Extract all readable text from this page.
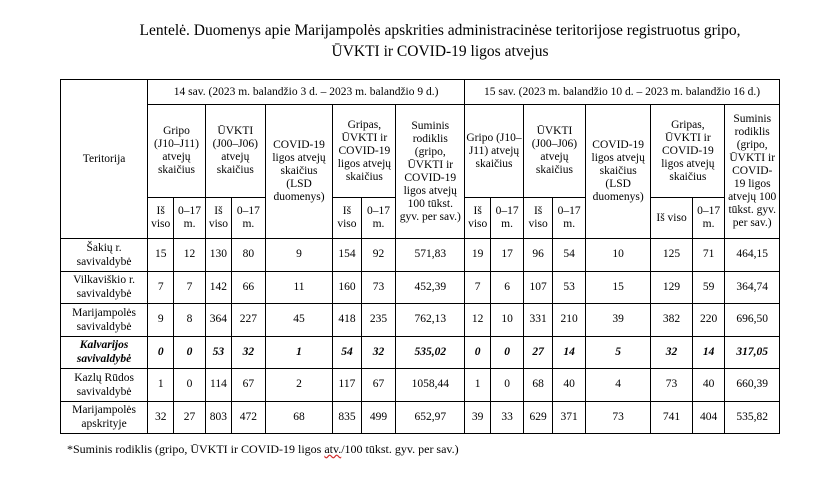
Lentelė. Duomenys apie Marijampolės apskrities administracinėse teritorijose registruotus gripo,
ŪVKTI ir COVID-19 ligos atvejus
Teritorija	14 sav. (2023 m. balandžio 3 d. – 2023 m. balandžio 9 d.)								15 sav. (2023 m. balandžio 10 d. – 2023 m. balandžio 16 d.)							
	Gripo (J10–J11) atvejų skaičius		ŪVKTI (J00–J06) atvejų skaičius		COVID-19 ligos atvejų skaičius (LSD duomenys)	Gripas, ŪVKTI ir COVID-19 ligos atvejų skaičius		Suminis rodiklis (gripo, ŪVKTI ir COVID-19 ligos atvejų 100 tūkst. gyv. per sav.)	Gripo (J10–J11) atvejų skaičius		ŪVKTI (J00–J06) atvejų skaičius		COVID-19 ligos atvejų skaičius (LSD duomenys)	Gripas, ŪVKTI ir COVID-19 ligos atvejų skaičius		Suminis rodiklis (gripo, ŪVKTI ir COVID-19 ligos atvejų 100 tūkst. gyv. per sav.)
	Iš viso	0–17 m.	Iš viso	0–17 m.		Iš viso	0–17 m.		Iš viso	0–17 m.	Iš viso	0–17 m.		Iš viso	0–17 m.	
Šakių r. savivaldybė	15	12	130	80	9	154	92	571,83	19	17	96	54	10	125	71	464,15
Vilkaviškio r. savivaldybė	7	7	142	66	11	160	73	452,39	7	6	107	53	15	129	59	364,74
Marijampolės savivaldybė	9	8	364	227	45	418	235	762,13	12	10	331	210	39	382	220	696,50
Kalvarijos savivaldybė	0	0	53	32	1	54	32	535,02	0	0	27	14	5	32	14	317,05
Kazlų Rūdos savivaldybė	1	0	114	67	2	117	67	1058,44	1	0	68	40	4	73	40	660,39
Marijampolės apskrityje	32	27	803	472	68	835	499	652,97	39	33	629	371	73	741	404	535,82
*Suminis rodiklis (gripo, ŪVKTI ir COVID-19 ligos atv./100 tūkst. gyv. per sav.)
